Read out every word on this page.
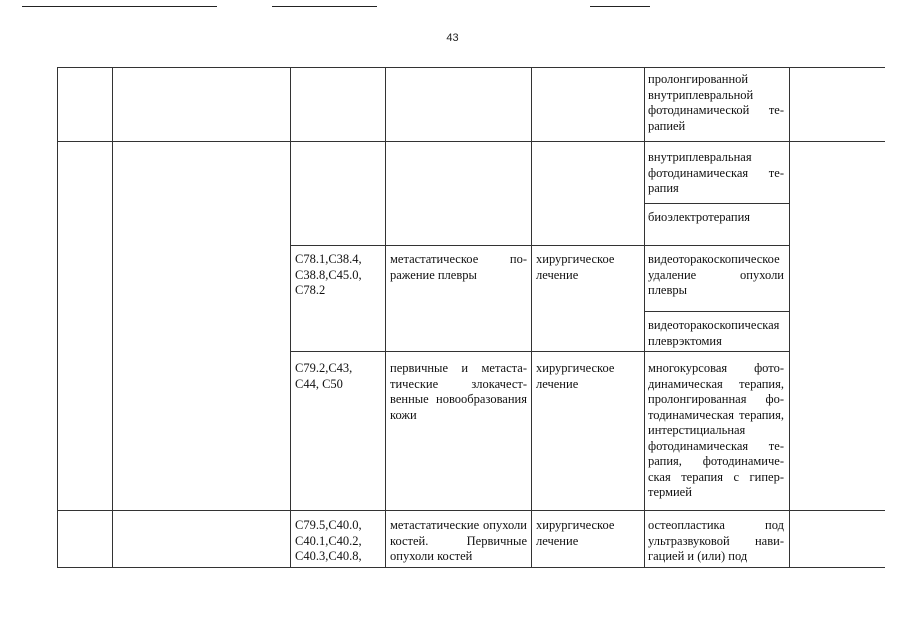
43
пролонгированной внутриплевральной фотодинамической терапией
внутриплевральная фотодинамическая терапия
биоэлектротерапия
C78.1,C38.4, C38.8,C45.0, C78.2
метастатическое поражение плевры
хирургическое лечение
видеоторакоскопическое удаление опухоли плевры
видеоторакоскопическая плеврэктомия
C79.2,C43, C44, C50
первичные и метастатические злокачественные новообразования кожи
хирургическое лечение
многокурсовая фотодинамическая терапия, пролонгированная фотодинамическая терапия, интерстициальная фотодинамическая терапия, фотодинамическая терапия с гипертермией
C79.5,C40.0, C40.1,C40.2, C40.3,C40.8,
метастатические опухоли костей. Первичные опухоли костей
хирургическое лечение
остеопластика под ультразвуковой навигацией и (или) под
